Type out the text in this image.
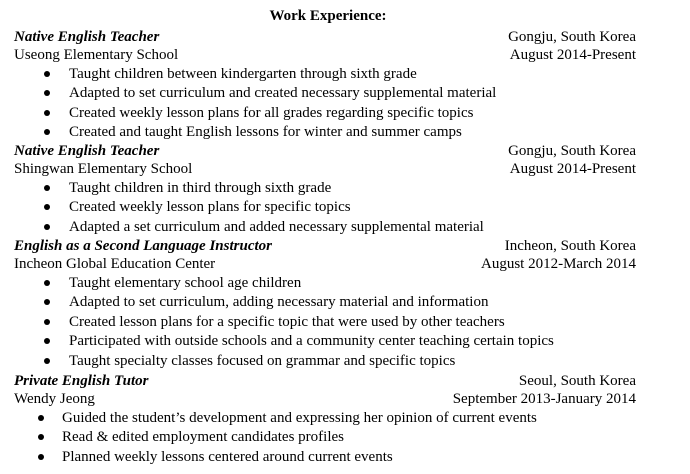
Work Experience:
Native English Teacher	Gongju, South Korea
Useong Elementary School	August 2014-Present
Taught children between kindergarten through sixth grade
Adapted to set curriculum and created necessary supplemental material
Created weekly lesson plans for all grades regarding specific topics
Created and taught English lessons for winter and summer camps
Native English Teacher	Gongju, South Korea
Shingwan Elementary School	August 2014-Present
Taught children in third through sixth grade
Created weekly lesson plans for specific topics
Adapted a set curriculum and added necessary supplemental material
English as a Second Language Instructor	Incheon, South Korea
Incheon Global Education Center	August 2012-March 2014
Taught elementary school age children
Adapted to set curriculum, adding necessary material and information
Created lesson plans for a specific topic that were used by other teachers
Participated with outside schools and a community center teaching certain topics
Taught specialty classes focused on grammar and specific topics
Private English Tutor	Seoul, South Korea
Wendy Jeong	September 2013-January 2014
Guided the student’s development and expressing her opinion of current events
Read & edited employment candidates profiles
Planned weekly lessons centered around current events
